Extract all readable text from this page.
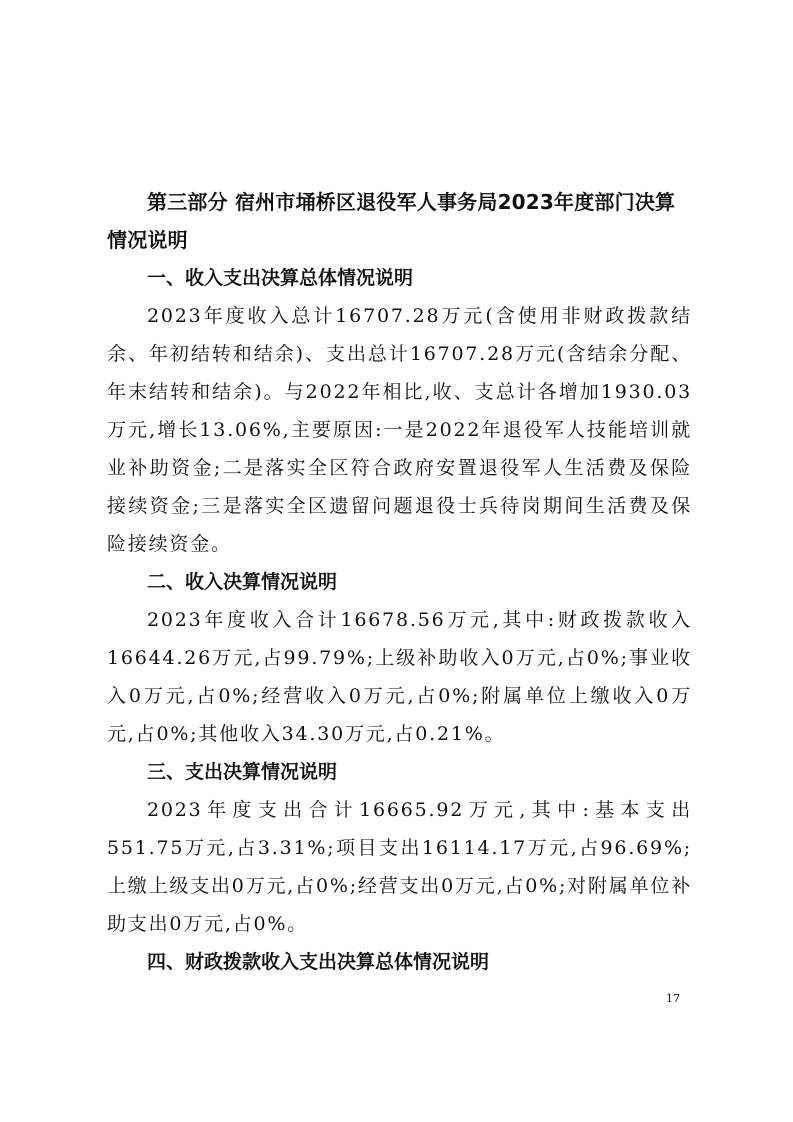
第三部分 宿州市埇桥区退役军人事务局2023年度部门决算情况说明
一、收入支出决算总体情况说明
2023年度收入总计16707.28万元(含使用非财政拨款结余、年初结转和结余)、支出总计16707.28万元(含结余分配、年末结转和结余)。与2022年相比,收、支总计各增加1930.03万元,增长13.06%,主要原因:一是2022年退役军人技能培训就业补助资金;二是落实全区符合政府安置退役军人生活费及保险接续资金;三是落实全区遗留问题退役士兵待岗期间生活费及保险接续资金。
二、收入决算情况说明
2023年度收入合计16678.56万元,其中:财政拨款收入16644.26万元,占99.79%;上级补助收入0万元,占0%;事业收入0万元,占0%;经营收入0万元,占0%;附属单位上缴收入0万元,占0%;其他收入34.30万元,占0.21%。
三、支出决算情况说明
2023年度支出合计16665.92万元,其中:基本支出551.75万元,占3.31%;项目支出16114.17万元,占96.69%;上缴上级支出0万元,占0%;经营支出0万元,占0%;对附属单位补助支出0万元,占0%。
四、财政拨款收入支出决算总体情况说明
17
